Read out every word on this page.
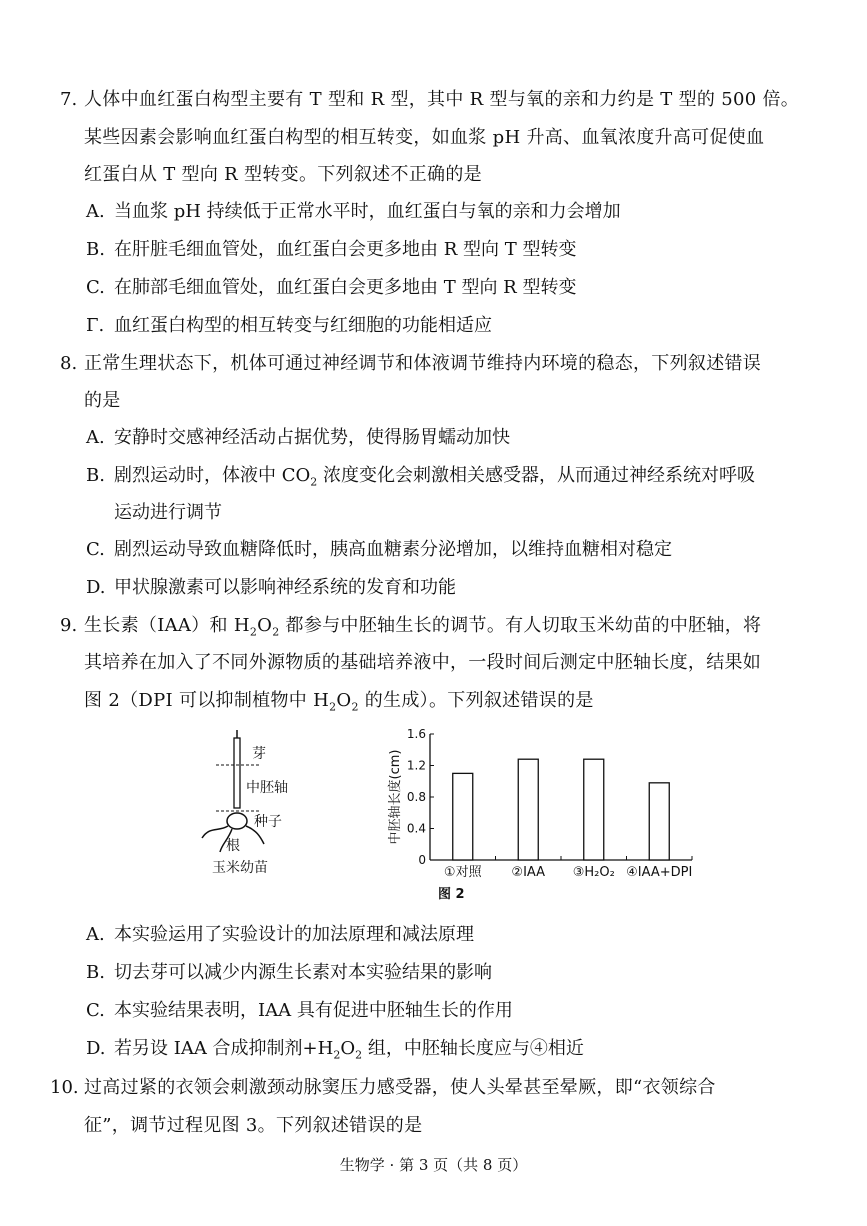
7. 人体中血红蛋白构型主要有 T 型和 R 型，其中 R 型与氧的亲和力约是 T 型的 500 倍。
某些因素会影响血红蛋白构型的相互转变，如血浆 pH 升高、血氧浓度升高可促使血
红蛋白从 T 型向 R 型转变。下列叙述不正确的是
A. 当血浆 pH 持续低于正常水平时，血红蛋白与氧的亲和力会增加
B. 在肝脏毛细血管处，血红蛋白会更多地由 R 型向 T 型转变
C. 在肺部毛细血管处，血红蛋白会更多地由 T 型向 R 型转变
Γ. 血红蛋白构型的相互转变与红细胞的功能相适应
8. 正常生理状态下，机体可通过神经调节和体液调节维持内环境的稳态，下列叙述错误
的是
A. 安静时交感神经活动占据优势，使得肠胃蠕动加快
B. 剧烈运动时，体液中 $CO_2$ 浓度变化会刺激相关感受器，从而通过神经系统对呼吸
运动进行调节
C. 剧烈运动导致血糖降低时，胰高血糖素分泌增加，以维持血糖相对稳定
D. 甲状腺激素可以影响神经系统的发育和功能
9. 生长素（IAA）和 $H_2O_2$ 都参与中胚轴生长的调节。有人切取玉米幼苗的中胚轴，将
其培养在加入了不同外源物质的基础培养液中，一段时间后测定中胚轴长度，结果如
图 2（DPI 可以抑制植物中 $H_2O_2$ 的生成）。下列叙述错误的是
芽
中胚轴
种子
根
玉米幼苗	0
0.4
0.8
1.2
1.6
①对照 ②IAA ③H₂O₂ ④IAA+DPI
中胚轴长度(cm)
图 2
A. 本实验运用了实验设计的加法原理和减法原理
B. 切去芽可以减少内源生长素对本实验结果的影响
C. 本实验结果表明，IAA 具有促进中胚轴生长的作用
D. 若另设 IAA 合成抑制剂$+H_2O_2$ 组，中胚轴长度应与④相近
10. 过高过紧的衣领会刺激颈动脉窦压力感受器，使人头晕甚至晕厥，即“衣领综合
征”，调节过程见图 3。下列叙述错误的是
生物学 · 第 3 页（共 8 页）
